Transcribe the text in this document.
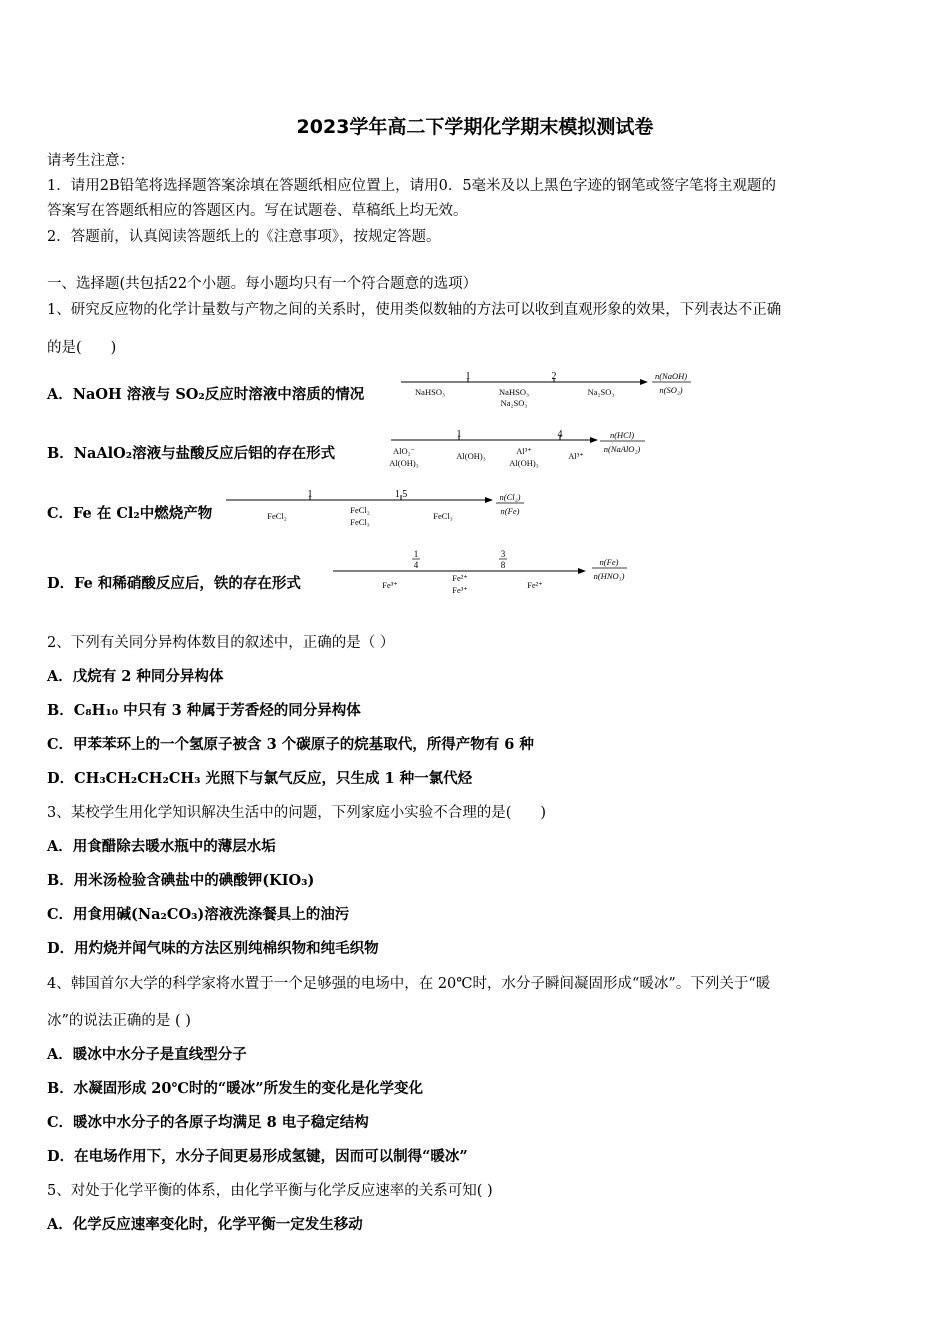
2023学年高二下学期化学期末模拟测试卷
请考生注意：
1．请用2B铅笔将选择题答案涂填在答题纸相应位置上，请用0．5毫米及以上黑色字迹的钢笔或签字笔将主观题的
答案写在答题纸相应的答题区内。写在试题卷、草稿纸上均无效。
2．答题前，认真阅读答题纸上的《注意事项》，按规定答题。
一、选择题(共包括22个小题。每小题均只有一个符合题意的选项）
1、研究反应物的化学计量数与产物之间的关系时，使用类似数轴的方法可以收到直观形象的效果，下列表达不正确
的是(　　)
A．NaOH 溶液与 SO₂反应时溶液中溶质的情况
1	2
NaHSO₃	NaHSO₃
Na₂SO₃
Na₂SO₃
n(NaOH)
n(SO₂)
B．NaAlO₂溶液与盐酸反应后铝的存在形式
1	4
AlO₂⁻
Al(OH)₃
Al(OH)₃	Al³⁺
Al(OH)₃
Al³⁺
n(HCl)
n(NaAlO₂)
C．Fe 在 Cl₂中燃烧产物
1	1.5
FeCl₂
FeCl₂
FeCl₃
FeCl₃
n(Cl₂)
n(Fe)
D．Fe 和稀硝酸反应后，铁的存在形式
1
4
3
8
Fe³⁺
Fe²⁺
Fe³⁺	Fe²⁺
n(Fe)
n(HNO₃)
2、下列有关同分异构体数目的叙述中，正确的是（ ）
A．戊烷有 2 种同分异构体
B．C₈H₁₀ 中只有 3 种属于芳香烃的同分异构体
C．甲苯苯环上的一个氢原子被含 3 个碳原子的烷基取代，所得产物有 6 种
D．CH₃CH₂CH₂CH₃ 光照下与氯气反应，只生成 1 种一氯代烃
3、某校学生用化学知识解决生活中的问题，下列家庭小实验不合理的是(　　)
A．用食醋除去暖水瓶中的薄层水垢
B．用米汤检验含碘盐中的碘酸钾(KIO₃)
C．用食用碱(Na₂CO₃)溶液洗涤餐具上的油污
D．用灼烧并闻气味的方法区别纯棉织物和纯毛织物
4、韩国首尔大学的科学家将水置于一个足够强的电场中，在 20℃时，水分子瞬间凝固形成“暖冰”。下列关于“暖
冰”的说法正确的是 ( )
A．暖冰中水分子是直线型分子
B．水凝固形成 20℃时的“暖冰”所发生的变化是化学变化
C．暖冰中水分子的各原子均满足 8 电子稳定结构
D．在电场作用下，水分子间更易形成氢键，因而可以制得“暖冰”
5、对处于化学平衡的体系，由化学平衡与化学反应速率的关系可知( )
A．化学反应速率变化时，化学平衡一定发生移动
